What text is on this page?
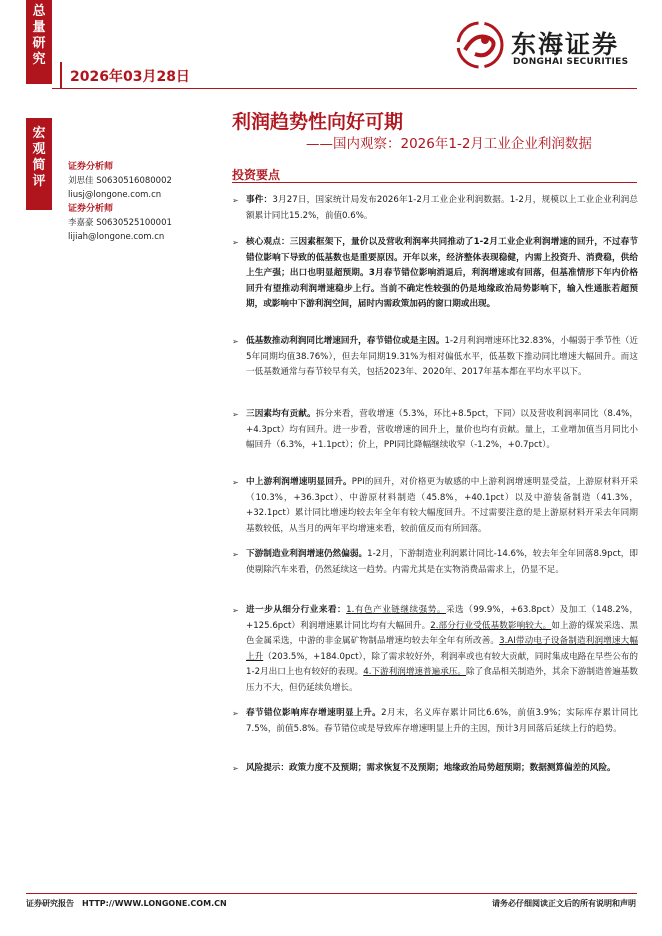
总
量
研
究
宏
观
简
评
2026年03月28日
东海证券
DONGHAI SECURITIES
利润趋势性向好可期
——国内观察：2026年1-2月工业企业利润数据
证券分析师
刘思佳 S0630516080002
liusj@longone.com.cn
证券分析师
李嘉豪 S0630525100001
lijiah@longone.com.cn
投资要点
➢ 事件：3月27日，国家统计局发布2026年1-2月工业企业利润数据。1-2月，规模以上工业企业利润总额累计同比15.2%，前值0.6%。
➢ 核心观点：三因素框架下，量价以及营收利润率共同推动了1-2月工业企业利润增速的回升，不过春节错位影响下导致的低基数也是重要原因。开年以来，经济整体表现稳健，内需上投资升、消费稳，供给上生产强；出口也明显超预期。3月春节错位影响消退后，利润增速或有回落，但基准情形下年内价格回升有望推动利润增速稳步上行。当前不确定性较强的仍是地缘政治局势影响下，输入性通胀若超预期，或影响中下游利润空间，届时内需政策加码的窗口期或出现。
➢ 低基数推动利润同比增速回升，春节错位或是主因。1-2月利润增速环比32.83%，小幅弱于季节性（近5年同期均值38.76%），但去年同期19.31%为相对偏低水平，低基数下推动同比增速大幅回升。而这一低基数通常与春节较早有关，包括2023年、2020年、2017年基本都在平均水平以下。
➢ 三因素均有贡献。拆分来看，营收增速（5.3%，环比+8.5pct，下同）以及营收利润率同比（8.4%，+4.3pct）均有回升。进一步看，营收增速的回升上，量价也均有贡献。量上，工业增加值当月同比小幅回升（6.3%，+1.1pct）；价上，PPI同比降幅继续收窄（-1.2%，+0.7pct）。
➢ 中上游利润增速明显回升。PPI的回升，对价格更为敏感的中上游利润增速明显受益，上游原材料开采（10.3%，+36.3pct）、中游原材料制造（45.8%，+40.1pct）以及中游装备制造（41.3%，+32.1pct）累计同比增速均较去年全年有较大幅度回升。不过需要注意的是上游原材料开采去年同期基数较低，从当月的两年平均增速来看，较前值反而有所回落。
➢ 下游制造业利润增速仍然偏弱。1-2月，下游制造业利润累计同比-14.6%，较去年全年回落8.9pct，即使剔除汽车来看，仍然延续这一趋势。内需尤其是在实物消费品需求上，仍显不足。
➢ 进一步从细分行业来看：1.有色产业链继续强势。采选（99.9%，+63.8pct）及加工（148.2%，+125.6pct）利润增速累计同比均有大幅回升。2.部分行业受低基数影响较大。如上游的煤炭采选、黑色金属采选，中游的非金属矿物制品增速均较去年全年有所改善。3.AI带动电子设备制造利润增速大幅上升（203.5%，+184.0pct），除了需求较好外，利润率或也有较大贡献，同时集成电路在早些公布的1-2月出口上也有较好的表现。4.下游利润增速普遍承压。除了食品相关制造外，其余下游制造普遍基数压力不大，但仍延续负增长。
➢ 春节错位影响库存增速明显上升。2月末，名义库存累计同比6.6%，前值3.9%；实际库存累计同比7.5%，前值5.8%。春节错位或是导致库存增速明显上升的主因，预计3月回落后延续上行的趋势。
➢ 风险提示：政策力度不及预期；需求恢复不及预期；地缘政治局势超预期；数据测算偏差的风险。
证券研究报告　HTTP://WWW.LONGONE.COM.CN	请务必仔细阅读正文后的所有说明和声明
